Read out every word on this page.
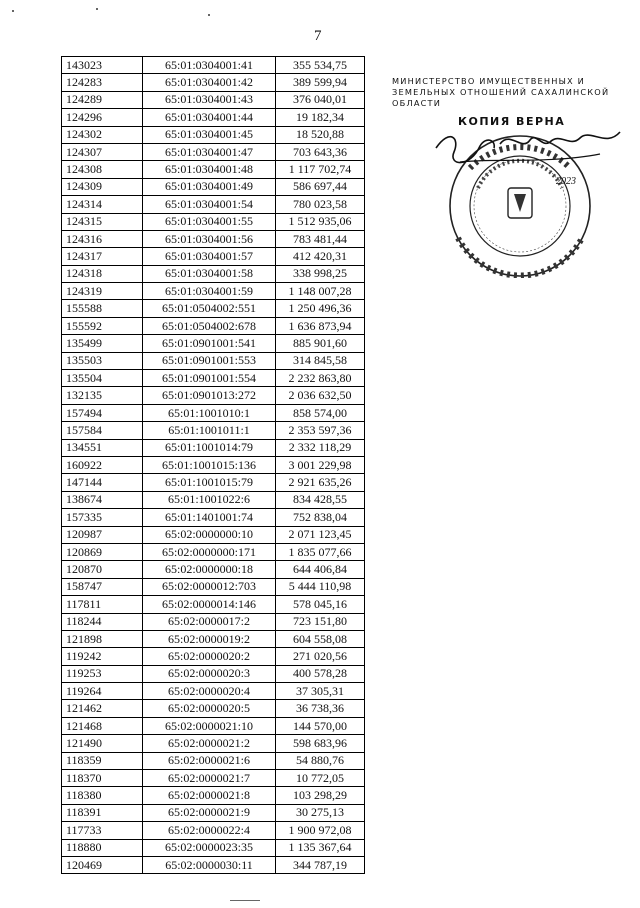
7
143023	65:01:0304001:41	355 534,75
124283	65:01:0304001:42	389 599,94
124289	65:01:0304001:43	376 040,01
124296	65:01:0304001:44	19 182,34
124302	65:01:0304001:45	18 520,88
124307	65:01:0304001:47	703 643,36
124308	65:01:0304001:48	1 117 702,74
124309	65:01:0304001:49	586 697,44
124314	65:01:0304001:54	780 023,58
124315	65:01:0304001:55	1 512 935,06
124316	65:01:0304001:56	783 481,44
124317	65:01:0304001:57	412 420,31
124318	65:01:0304001:58	338 998,25
124319	65:01:0304001:59	1 148 007,28
155588	65:01:0504002:551	1 250 496,36
155592	65:01:0504002:678	1 636 873,94
135499	65:01:0901001:541	885 901,60
135503	65:01:0901001:553	314 845,58
135504	65:01:0901001:554	2 232 863,80
132135	65:01:0901013:272	2 036 632,50
157494	65:01:1001010:1	858 574,00
157584	65:01:1001011:1	2 353 597,36
134551	65:01:1001014:79	2 332 118,29
160922	65:01:1001015:136	3 001 229,98
147144	65:01:1001015:79	2 921 635,26
138674	65:01:1001022:6	834 428,55
157335	65:01:1401001:74	752 838,04
120987	65:02:0000000:10	2 071 123,45
120869	65:02:0000000:171	1 835 077,66
120870	65:02:0000000:18	644 406,84
158747	65:02:0000012:703	5 444 110,98
117811	65:02:0000014:146	578 045,16
118244	65:02:0000017:2	723 151,80
121898	65:02:0000019:2	604 558,08
119242	65:02:0000020:2	271 020,56
119253	65:02:0000020:3	400 578,28
119264	65:02:0000020:4	37 305,31
121462	65:02:0000020:5	36 738,36
121468	65:02:0000021:10	144 570,00
121490	65:02:0000021:2	598 683,96
118359	65:02:0000021:6	54 880,76
118370	65:02:0000021:7	10 772,05
118380	65:02:0000021:8	103 298,29
118391	65:02:0000021:9	30 275,13
117733	65:02:0000022:4	1 900 972,08
118880	65:02:0000023:35	1 135 367,64
120469	65:02:0000030:11	344 787,19
МИНИСТЕРСТВО ИМУЩЕСТВЕННЫХ И
ЗЕМЕЛЬНЫХ ОТНОШЕНИЙ САХАЛИНСКОЙ
ОБЛАСТИ
КОПИЯ ВЕРНА
2023
